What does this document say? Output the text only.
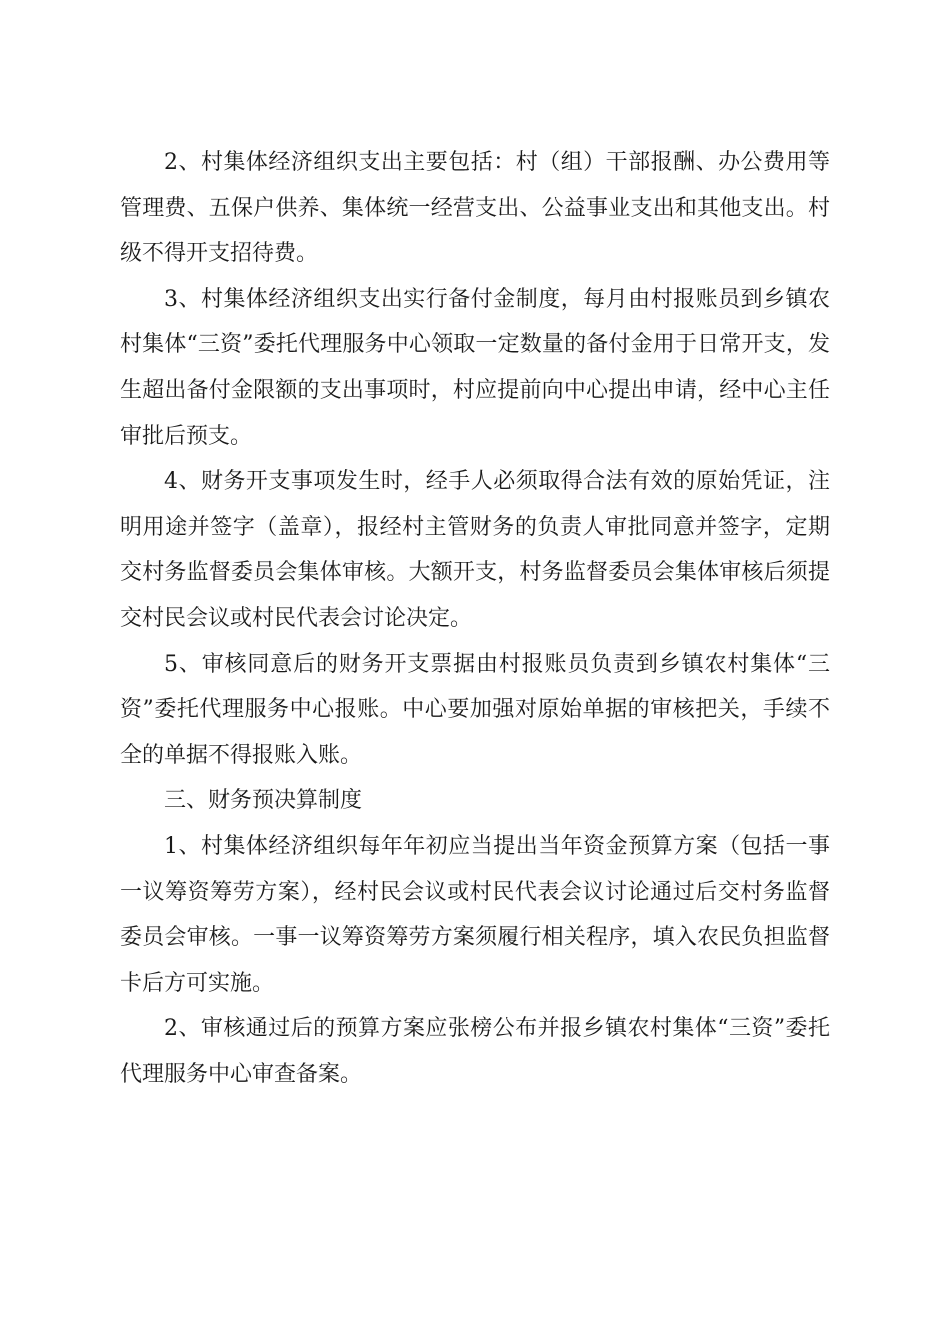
2、村集体经济组织支出主要包括：村（组）干部报酬、办公费用等管理费、五保户供养、集体统一经营支出、公益事业支出和其他支出。村级不得开支招待费。

3、村集体经济组织支出实行备付金制度，每月由村报账员到乡镇农村集体“三资”委托代理服务中心领取一定数量的备付金用于日常开支，发生超出备付金限额的支出事项时，村应提前向中心提出申请，经中心主任审批后预支。

4、财务开支事项发生时，经手人必须取得合法有效的原始凭证，注明用途并签字（盖章），报经村主管财务的负责人审批同意并签字，定期交村务监督委员会集体审核。大额开支，村务监督委员会集体审核后须提交村民会议或村民代表会讨论决定。

5、审核同意后的财务开支票据由村报账员负责到乡镇农村集体“三资”委托代理服务中心报账。中心要加强对原始单据的审核把关，手续不全的单据不得报账入账。

三、财务预决算制度

1、村集体经济组织每年年初应当提出当年资金预算方案（包括一事一议筹资筹劳方案），经村民会议或村民代表会议讨论通过后交村务监督委员会审核。一事一议筹资筹劳方案须履行相关程序，填入农民负担监督卡后方可实施。

2、审核通过后的预算方案应张榜公布并报乡镇农村集体“三资”委托代理服务中心审查备案。
